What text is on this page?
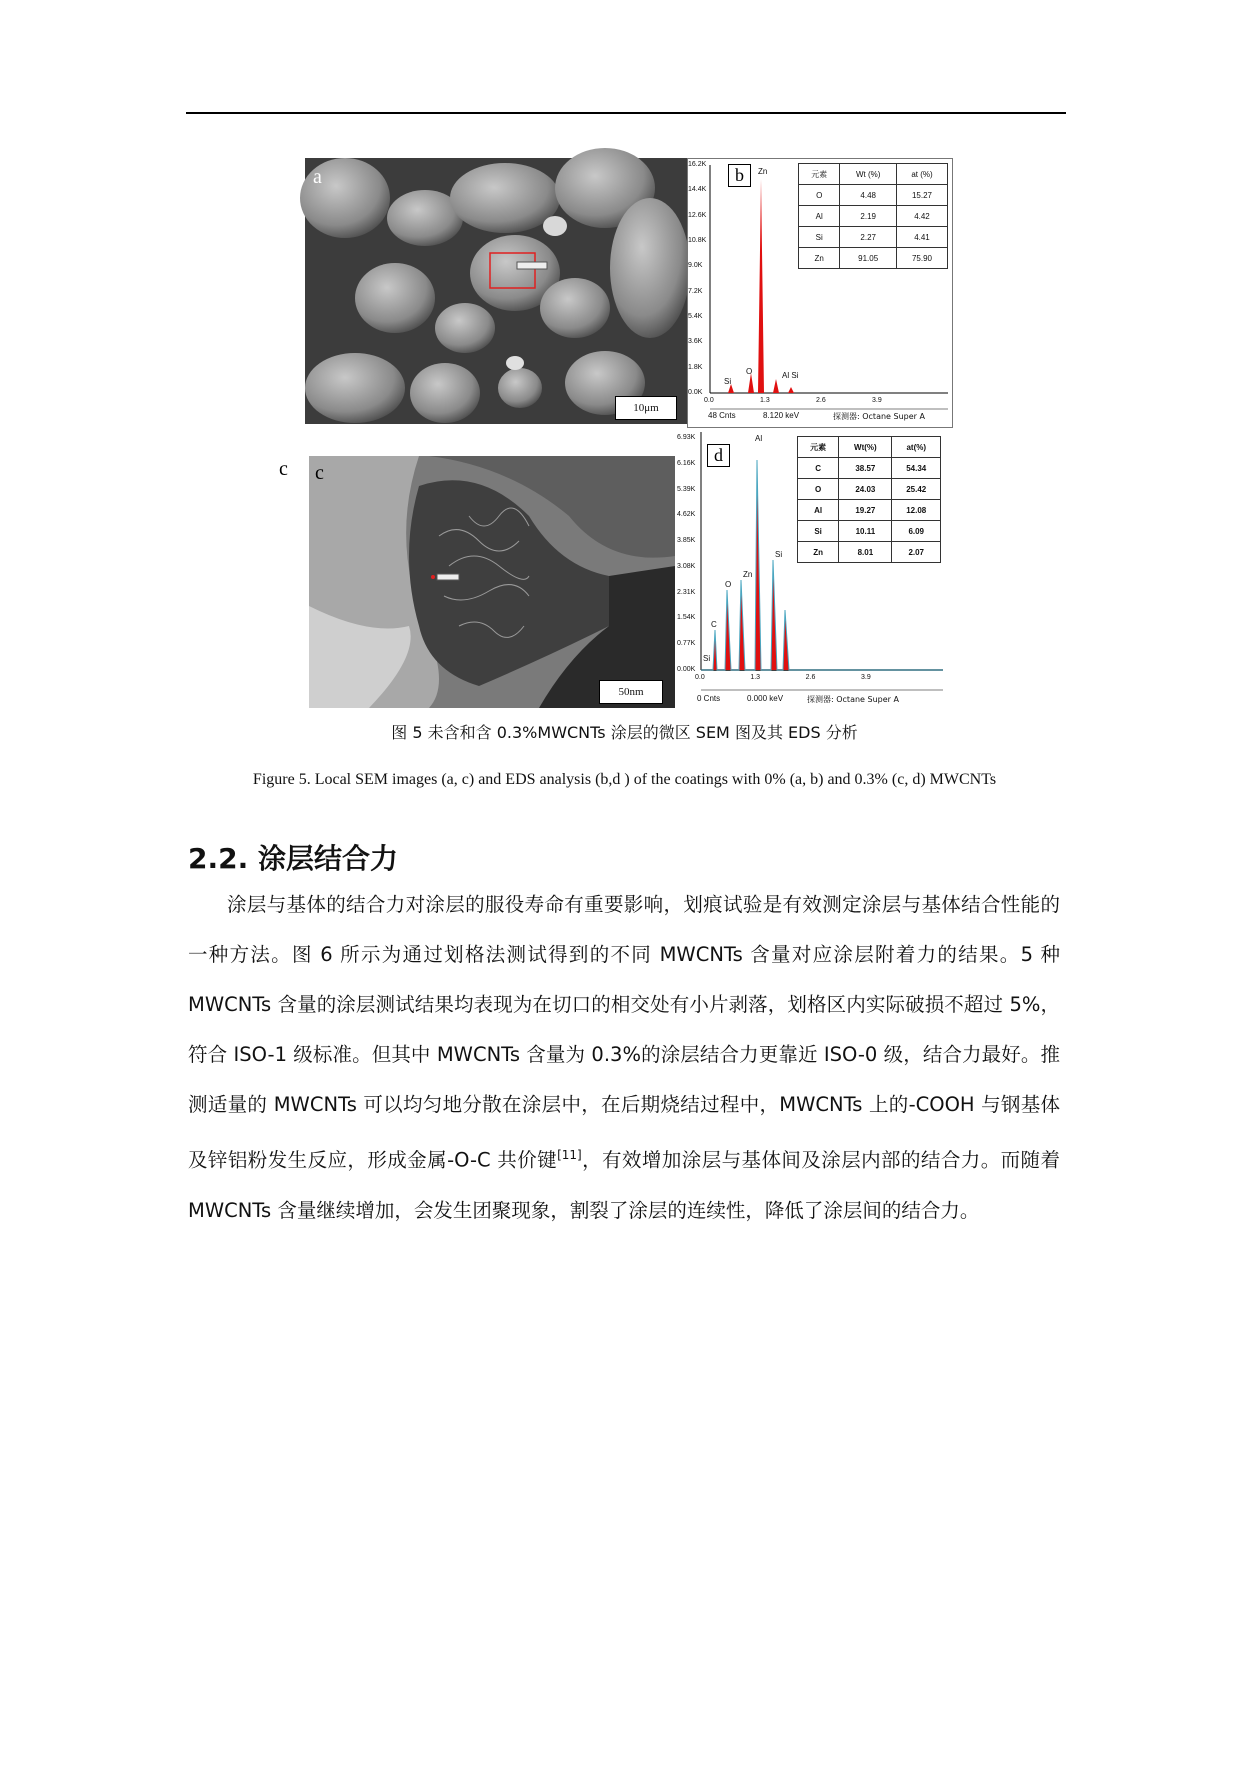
a
10μm
b
16.2K
14.4K
12.6K
10.8K
9.0K
7.2K
5.4K
3.6K
1.8K
0.0K
0.0	1.3	2.6	3.9
Zn
O
Si
Al Si
48 Cnts	8.120 keV	探测器: Octane Super A
元素	Wt (%)	at (%)
O	4.48	15.27
Al	2.19	4.42
Si	2.27	4.41
Zn	91.05	75.90
c
50nm
c
d
6.93K
6.16K
5.39K
4.62K
3.85K
3.08K
2.31K
1.54K
0.77K
0.00K
0.0	1.3	2.6	3.9
Al
Si
Zn
O
C
Si
0 Cnts	0.000 keV	探测器: Octane Super A
元素	Wt(%)	at(%)
C	38.57	54.34
O	24.03	25.42
Al	19.27	12.08
Si	10.11	6.09
Zn	8.01	2.07
图 5 未含和含 0.3%MWCNTs 涂层的微区 SEM 图及其 EDS 分析
Figure 5. Local SEM images (a, c) and EDS analysis (b,d ) of the coatings with 0% (a, b) and 0.3% (c, d) MWCNTs
2.2. 涂层结合力

涂层与基体的结合力对涂层的服役寿命有重要影响，划痕试验是有效测定涂层与基体结合性能的一种方法。图 6 所示为通过划格法测试得到的不同 MWCNTs 含量对应涂层附着力的结果。5 种 MWCNTs 含量的涂层测试结果均表现为在切口的相交处有小片剥落，划格区内实际破损不超过 5%，符合 ISO-1 级标准。但其中 MWCNTs 含量为 0.3%的涂层结合力更靠近 ISO-0 级，结合力最好。推测适量的 MWCNTs 可以均匀地分散在涂层中，在后期烧结过程中，MWCNTs 上的-COOH 与钢基体及锌铝粉发生反应，形成金属-O-C 共价键[11]，有效增加涂层与基体间及涂层内部的结合力。而随着 MWCNTs 含量继续增加，会发生团聚现象，割裂了涂层的连续性，降低了涂层间的结合力。
